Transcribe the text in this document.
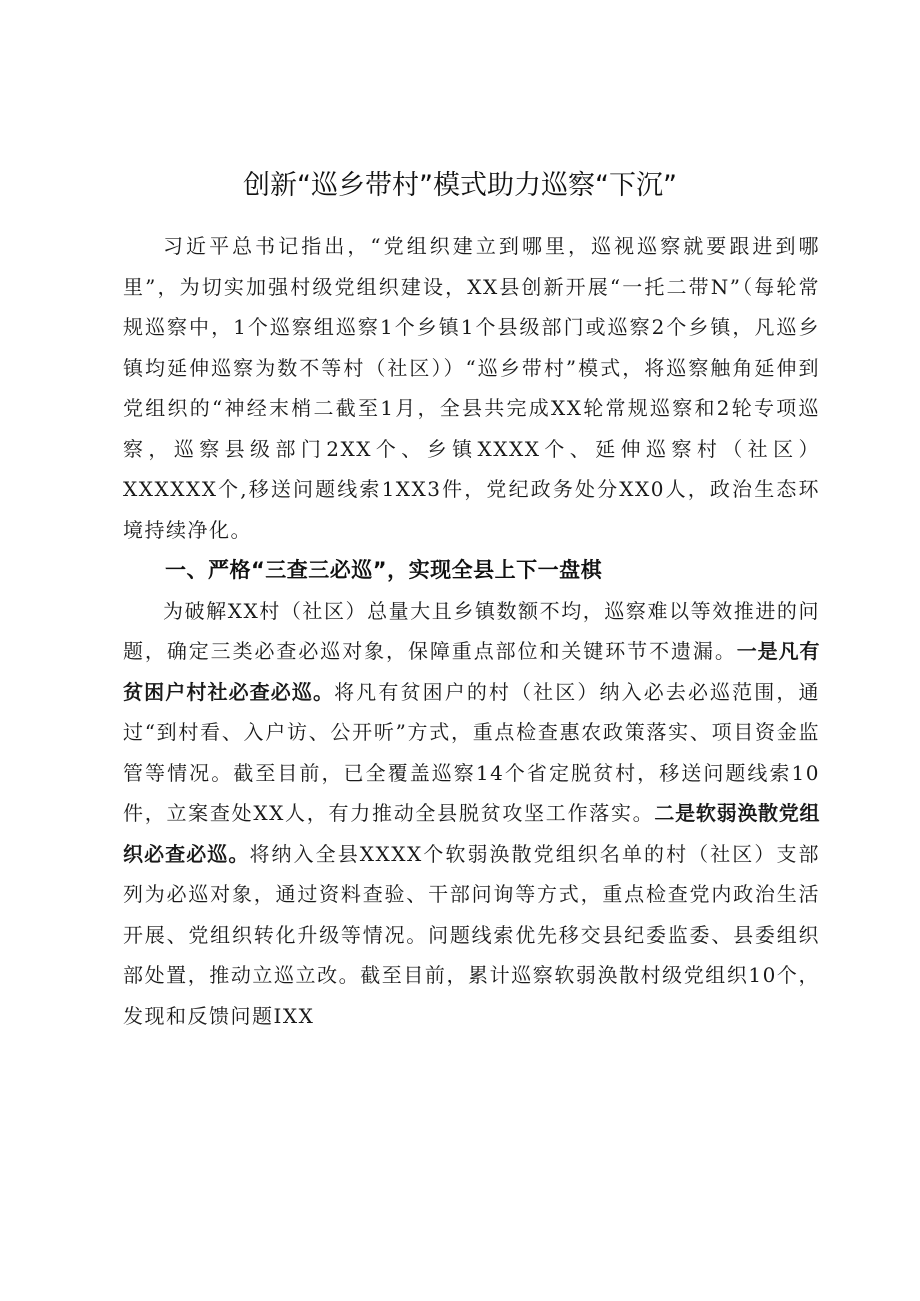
创新“巡乡带村”模式助力巡察“下沉”

习近平总书记指出，“党组织建立到哪里，巡视巡察就要跟进到哪里”，为切实加强村级党组织建设，XX县创新开展“一托二带N”（每轮常规巡察中，1个巡察组巡察1个乡镇1个县级部门或巡察2个乡镇，凡巡乡镇均延伸巡察为数不等村（社区））“巡乡带村”模式，将巡察触角延伸到党组织的“神经末梢二截至1月，全县共完成XX轮常规巡察和2轮专项巡察，巡察县级部门2XX个、乡镇XXXX个、延伸巡察村（社区）XXXXXX个,移送问题线索1XX3件，党纪政务处分XX0人，政治生态环境持续净化。

一、严格“三查三必巡”，实现全县上下一盘棋

为破解XX村（社区）总量大且乡镇数额不均，巡察难以等效推进的问题，确定三类必查必巡对象，保障重点部位和关键环节不遗漏。一是凡有贫困户村社必查必巡。将凡有贫困户的村（社区）纳入必去必巡范围，通过“到村看、入户访、公开听”方式，重点检查惠农政策落实、项目资金监管等情况。截至目前，已全覆盖巡察14个省定脱贫村，移送问题线索10件，立案查处XX人，有力推动全县脱贫攻坚工作落实。二是软弱涣散党组织必查必巡。将纳入全县XXXX个软弱涣散党组织名单的村（社区）支部列为必巡对象，通过资料查验、干部问询等方式，重点检查党内政治生活开展、党组织转化升级等情况。问题线索优先移交县纪委监委、县委组织部处置，推动立巡立改。截至目前，累计巡察软弱涣散村级党组织10个，发现和反馈问题IXX
